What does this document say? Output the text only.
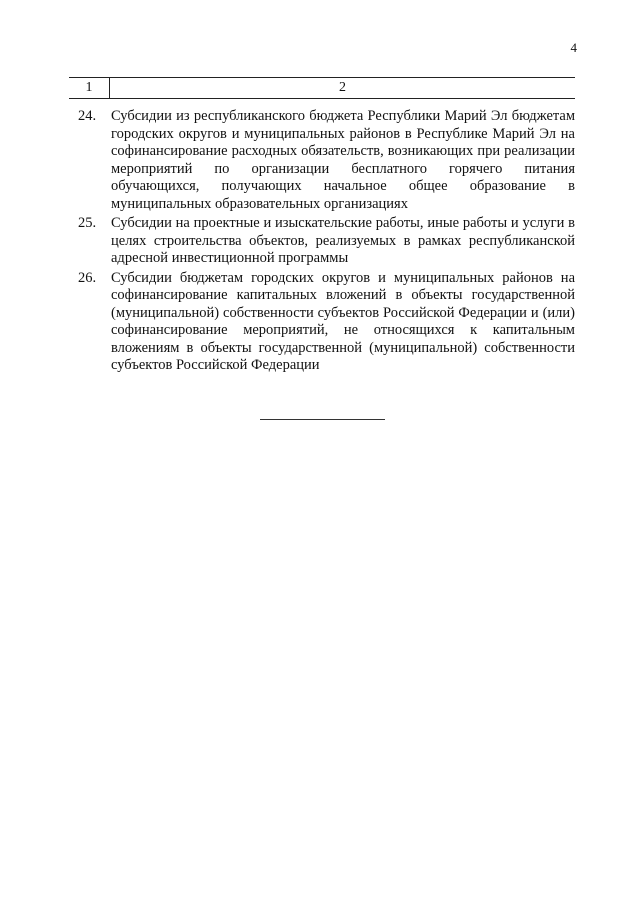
4
1	2
24.	Субсидии из республиканского бюджета Республики Марий Эл бюджетам городских округов и муниципальных районов в Республике Марий Эл на софинансирование расходных обязательств, возникающих при реализации мероприятий по организации бесплатного горячего питания обучающихся, получающих начальное общее образование в муниципальных образовательных организациях
25.	Субсидии на проектные и изыскательские работы, иные работы и услуги в целях строительства объектов, реализуемых в рамках республиканской адресной инвестиционной программы
26.	Субсидии бюджетам городских округов и муниципальных районов на софинансирование капитальных вложений в объекты государственной (муниципальной) собственности субъектов Российской Федерации и (или) софинансирование мероприятий, не относящихся к капитальным вложениям в объекты государственной (муниципальной) собственности субъектов Российской Федерации
